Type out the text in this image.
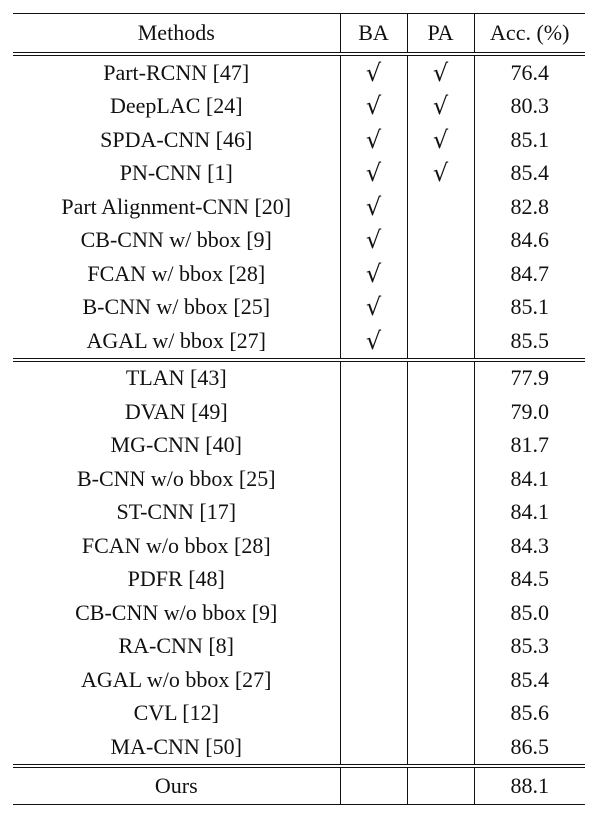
Methods	BA	PA	Acc. (%)
Part-RCNN [47]	√	√	76.4
DeepLAC [24]	√	√	80.3
SPDA-CNN [46]	√	√	85.1
PN-CNN [1]	√	√	85.4
Part Alignment-CNN [20]	√		82.8
CB-CNN w/ bbox [9]	√		84.6
FCAN w/ bbox [28]	√		84.7
B-CNN w/ bbox [25]	√		85.1
AGAL w/ bbox [27]	√		85.5
TLAN [43]			77.9
DVAN [49]			79.0
MG-CNN [40]			81.7
B-CNN w/o bbox [25]			84.1
ST-CNN [17]			84.1
FCAN w/o bbox [28]			84.3
PDFR [48]			84.5
CB-CNN w/o bbox [9]			85.0
RA-CNN [8]			85.3
AGAL w/o bbox [27]			85.4
CVL [12]			85.6
MA-CNN [50]			86.5
Ours			88.1
